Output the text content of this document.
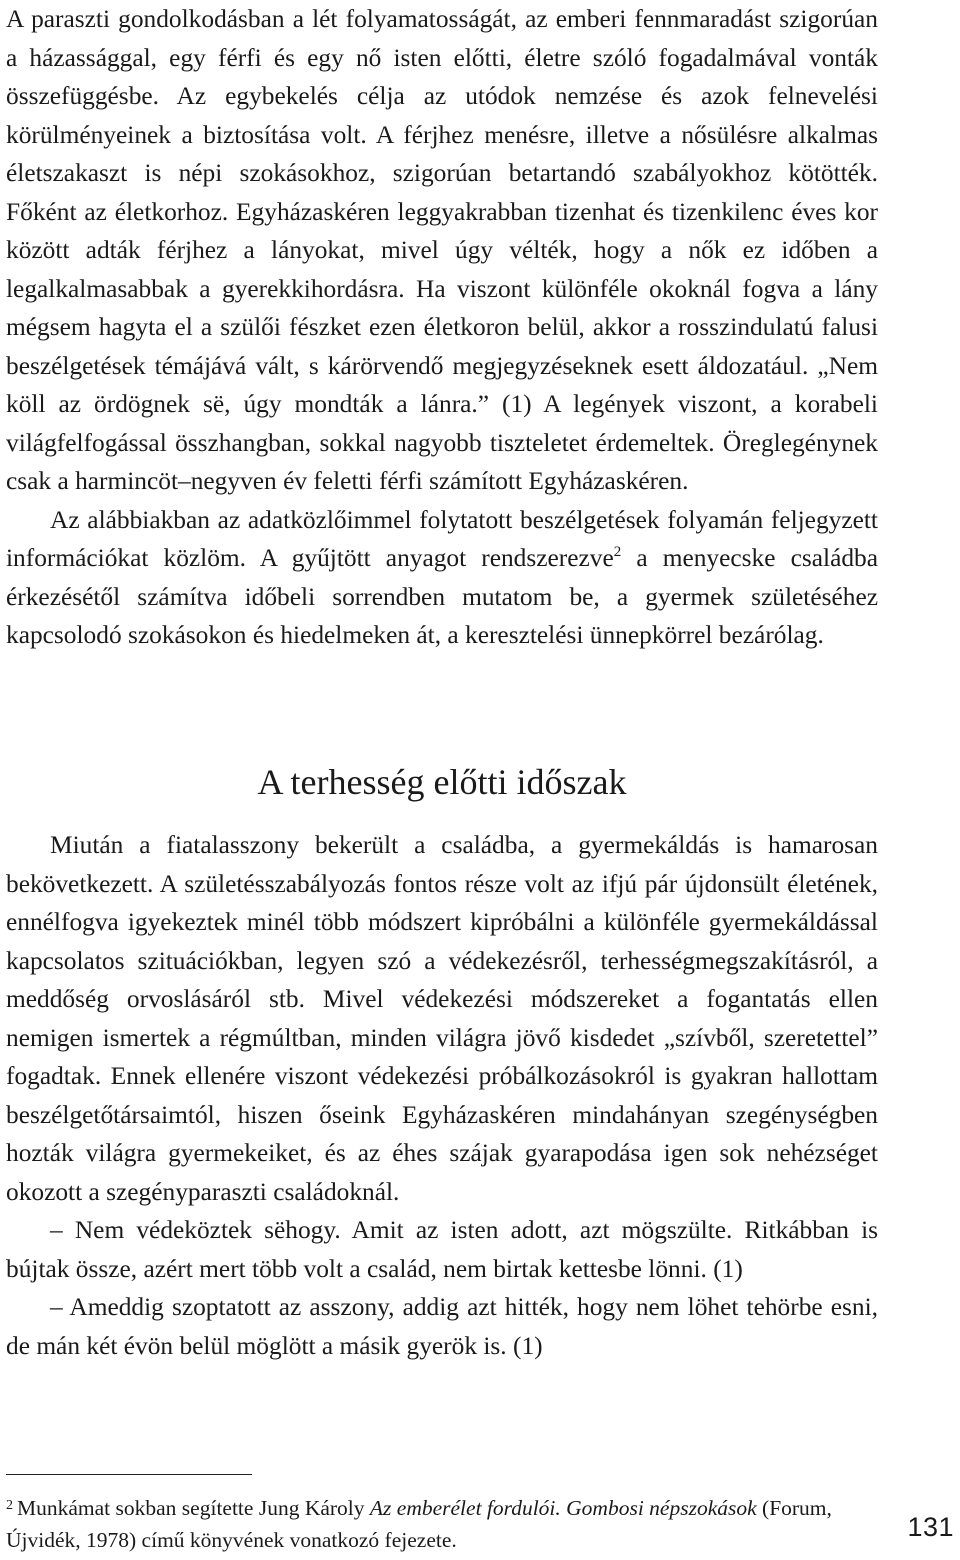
A paraszti gondolkodásban a lét folyamatosságát, az emberi fennmaradást szigorúan a házassággal, egy férfi és egy nő isten előtti, életre szóló fogadalmával vonták összefüggésbe. Az egybekelés célja az utódok nemzése és azok felnevelési körülményeinek a biztosítása volt. A férjhez menésre, illetve a nősülésre alkalmas életszakaszt is népi szokásokhoz, szigorúan betartandó szabályokhoz kötötték. Főként az életkorhoz. Egyházaskéren leggyakrabban tizenhat és tizenkilenc éves kor között adták férjhez a lányokat, mivel úgy vélték, hogy a nők ez időben a legalkalmasabbak a gyerekkihordásra. Ha viszont különféle okoknál fogva a lány mégsem hagyta el a szülői fészket ezen életkoron belül, akkor a rosszindulatú falusi beszélgetések témájává vált, s kárörvendő megjegyzéseknek esett áldozatául. „Nem köll az ördögnek së, úgy mondták a lánra.” (1) A legények viszont, a korabeli világfelfogással összhangban, sokkal nagyobb tiszteletet érdemeltek. Öreglegénynek csak a harmincöt–negyven év feletti férfi számított Egyházaskéren.

Az alábbiakban az adatközlőimmel folytatott beszélgetések folyamán feljegyzett információkat közlöm. A gyűjtött anyagot rendszerezve$^2$ a menyecske családba érkezésétől számítva időbeli sorrendben mutatom be, a gyermek születéséhez kapcsolodó szokásokon és hiedelmeken át, a keresztelési ünnepkörrel bezárólag.

A terhesség előtti időszak

Miután a fiatalasszony bekerült a családba, a gyermekáldás is hamarosan bekövetkezett. A születésszabályozás fontos része volt az ifjú pár újdonsült életének, ennélfogva igyekeztek minél több módszert kipróbálni a különféle gyermekáldással kapcsolatos szituációkban, legyen szó a védekezésről, terhességmegszakításról, a meddőség orvoslásáról stb. Mivel védekezési módszereket a fogantatás ellen nemigen ismertek a régmúltban, minden világra jövő kisdedet „szívből, szeretettel” fogadtak. Ennek ellenére viszont védekezési próbálkozásokról is gyakran hallottam beszélgetőtársaimtól, hiszen őseink Egyházaskéren mindahányan szegénységben hozták világra gyermekeiket, és az éhes szájak gyarapodása igen sok nehézséget okozott a szegényparaszti családoknál.

– Nem védeköztek sëhogy. Amit az isten adott, azt mögszülte. Ritkábban is bújtak össze, azért mert több volt a család, nem birtak kettesbe lönni. (1)

– Ameddig szoptatott az asszony, addig azt hitték, hogy nem löhet tehörbe esni, de mán két évön belül möglött a másik gyerök is. (1)

$^2$ Munkámat sokban segítette Jung Károly Az emberélet fordulói. Gombosi népszokások (Forum, Újvidék, 1978) című könyvének vonatkozó fejezete.	131
